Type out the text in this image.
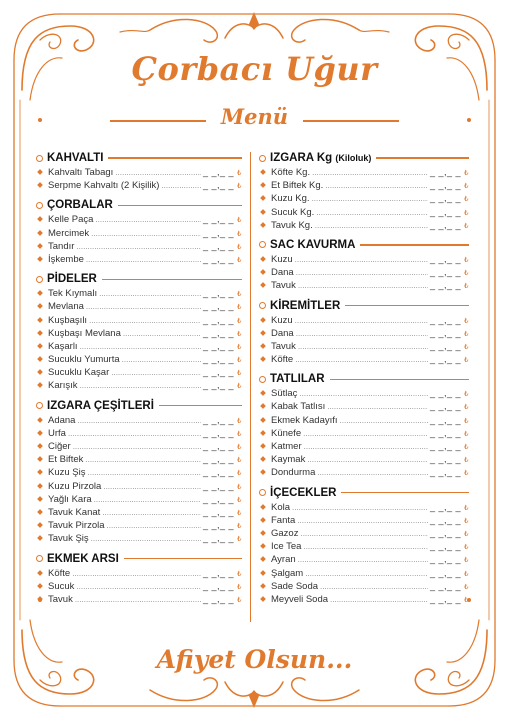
Çorbacı Uğur
Menü
KAHVALTI
Kahvaltı Tabagı .....	_ _,_ _ ₺
Serpme Kahvaltı (2 Kişilik) .....	_ _,_ _ ₺
ÇORBALAR
Kelle Paça .....	_ _,_ _ ₺
Mercimek .....	_ _,_ _ ₺
Tandır .....	_ _,_ _ ₺
İşkembe .....	_ _,_ _ ₺
PİDELER
Tek Kıymalı .....	_ _,_ _ ₺
Mevlana .....	_ _,_ _ ₺
Kuşbaşılı .....	_ _,_ _ ₺
Kuşbaşı Mevlana .....	_ _,_ _ ₺
Kaşarlı .....	_ _,_ _ ₺
Sucuklu Yumurta .....	_ _,_ _ ₺
Sucuklu Kaşar .....	_ _,_ _ ₺
Karışık .....	_ _,_ _ ₺
IZGARA ÇEŞİTLERİ
Adana .....	_ _,_ _ ₺
Urfa .....	_ _,_ _ ₺
Ciğer .....	_ _,_ _ ₺
Et Biftek .....	_ _,_ _ ₺
Kuzu Şiş .....	_ _,_ _ ₺
Kuzu Pirzola .....	_ _,_ _ ₺
Yağlı Kara .....	_ _,_ _ ₺
Tavuk Kanat .....	_ _,_ _ ₺
Tavuk Pirzola .....	_ _,_ _ ₺
Tavuk Şiş .....	_ _,_ _ ₺
EKMEK ARSI
Köfte .....	_ _,_ _ ₺
Sucuk .....	_ _,_ _ ₺
Tavuk .....	_ _,_ _ ₺
IZGARA Kg (Kiloluk)
Köfte Kg. .....	_ _,_ _ ₺
Et Biftek Kg. .....	_ _,_ _ ₺
Kuzu Kg. .....	_ _,_ _ ₺
Sucuk Kg. .....	_ _,_ _ ₺
Tavuk Kg. .....	_ _,_ _ ₺
SAC KAVURMA
Kuzu .....	_ _,_ _ ₺
Dana .....	_ _,_ _ ₺
Tavuk .....	_ _,_ _ ₺
KİREMİTLER
Kuzu .....	_ _,_ _ ₺
Dana .....	_ _,_ _ ₺
Tavuk .....	_ _,_ _ ₺
Köfte .....	_ _,_ _ ₺
TATLILAR
Sütlaç .....	_ _,_ _ ₺
Kabak Tatlısı .....	_ _,_ _ ₺
Ekmek Kadayıfı .....	_ _,_ _ ₺
Künefe .....	_ _,_ _ ₺
Katmer .....	_ _,_ _ ₺
Kaymak .....	_ _,_ _ ₺
Dondurma .....	_ _,_ _ ₺
İÇECEKLER
Kola .....	_ _,_ _ ₺
Fanta .....	_ _,_ _ ₺
Gazoz .....	_ _,_ _ ₺
Ice Tea .....	_ _,_ _ ₺
Ayran .....	_ _,_ _ ₺
Şalgam .....	_ _,_ _ ₺
Sade Soda .....	_ _,_ _ ₺
Meyveli Soda .....	_ _,_ _ ₺
Afiyet Olsun...
